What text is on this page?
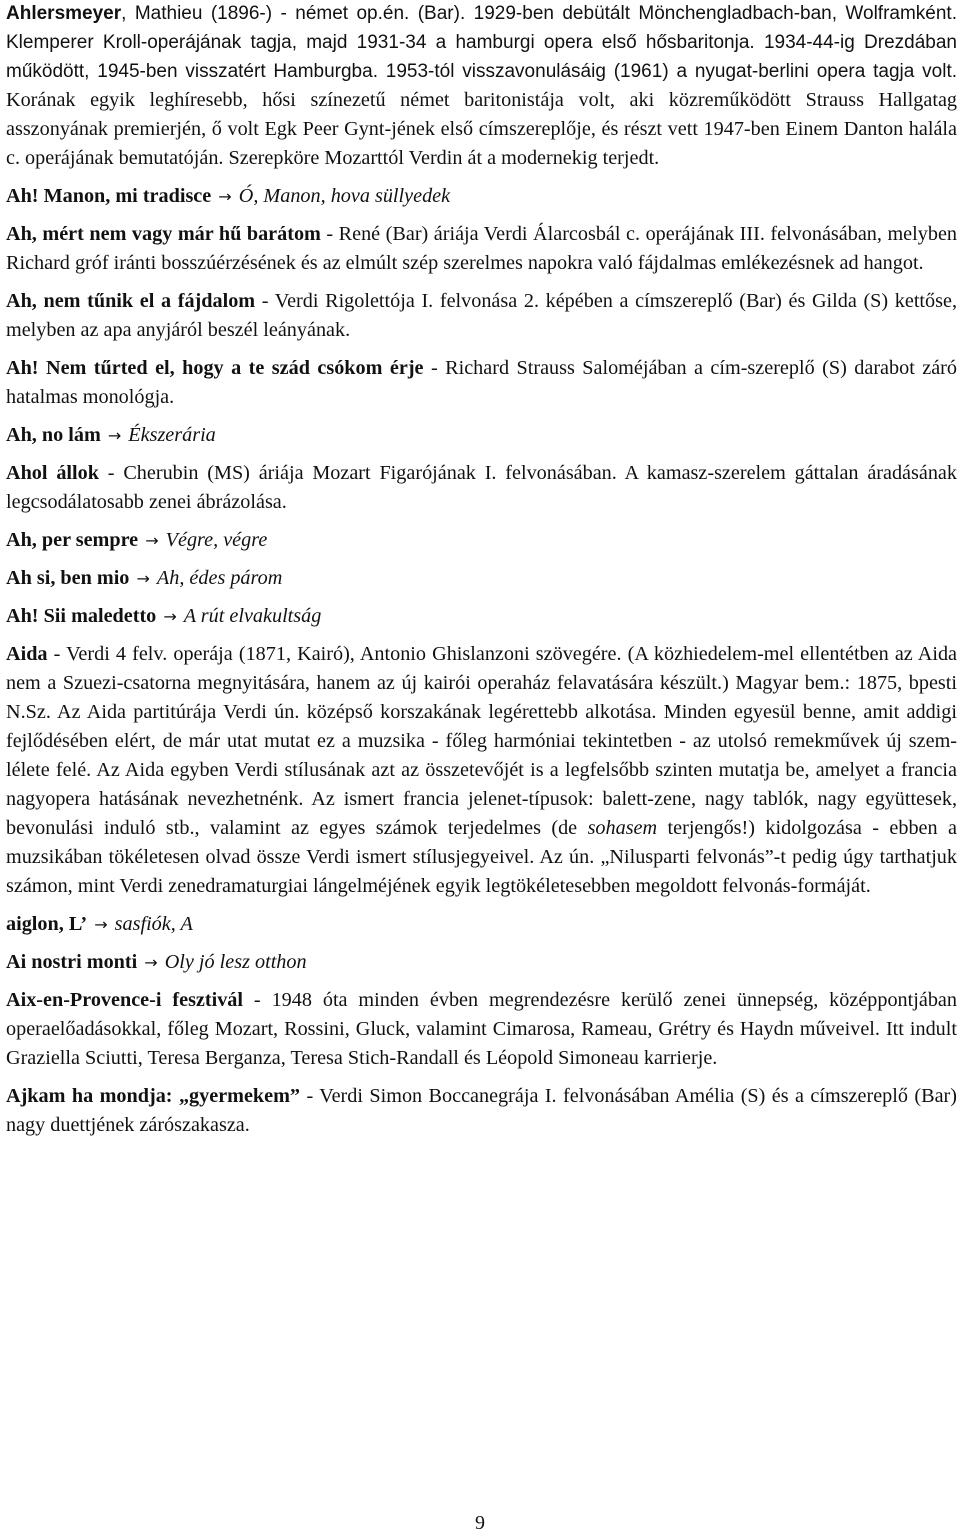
Ahlersmeyer, Mathieu (1896-) - német op.én. (Bar). 1929-ben debütált Mönchengladbach-ban, Wolframként. Klemperer Kroll-operájának tagja, majd 1931-34 a hamburgi opera első hősbaritonja. 1934-44-ig Drezdában működött, 1945-ben visszatért Hamburgba. 1953-tól visszavonulásáig (1961) a nyugat-berlini opera tagja volt. Korának egyik leghíresebb, hősi színezetű német baritonistája volt, aki közreműködött Strauss Hallgatag asszonyának premierjén, ő volt Egk Peer Gynt-jének első címszereplője, és részt vett 1947-ben Einem Danton halála c. operájának bemutatóján. Szerepköre Mozarttól Verdin át a modernekig terjedt.

Ah! Manon, mi tradisce → Ó, Manon, hova süllyedek

Ah, mért nem vagy már hű barátom - René (Bar) áriája Verdi Álarcosbál c. operájának III. felvonásában, melyben Richard gróf iránti bosszúérzésének és az elmúlt szép szerelmes napokra való fájdalmas emlékezésnek ad hangot.

Ah, nem tűnik el a fájdalom - Verdi Rigolettója I. felvonása 2. képében a címszereplő (Bar) és Gilda (S) kettőse, melyben az apa anyjáról beszél leányának.

Ah! Nem tűrted el, hogy a te szád csókom érje - Richard Strauss Saloméjában a cím-szereplő (S) darabot záró hatalmas monológja.

Ah, no lám → Ékszerária

Ahol állok - Cherubin (MS) áriája Mozart Figarójának I. felvonásában. A kamasz-szerelem gáttalan áradásának legcsodálatosabb zenei ábrázolása.

Ah, per sempre → Végre, végre

Ah si, ben mio → Ah, édes párom

Ah! Sii maledetto → A rút elvakultság

Aida - Verdi 4 felv. operája (1871, Kairó), Antonio Ghislanzoni szövegére. (A közhiedelem-mel ellentétben az Aida nem a Szuezi-csatorna megnyitására, hanem az új kairói operaház felavatására készült.) Magyar bem.: 1875, bpesti N.Sz. Az Aida partitúrája Verdi ún. középső korszakának legérettebb alkotása. Minden egyesül benne, amit addigi fejlődésében elért, de már utat mutat ez a muzsika - főleg harmóniai tekintetben - az utolsó remekművek új szem-lélete felé. Az Aida egyben Verdi stílusának azt az összetevőjét is a legfelsőbb szinten mutatja be, amelyet a francia nagyopera hatásának nevezhetnénk. Az ismert francia jelenet-típusok: balett-zene, nagy tablók, nagy együttesek, bevonulási induló stb., valamint az egyes számok terjedelmes (de sohasem terjengős!) kidolgozása - ebben a muzsikában tökéletesen olvad össze Verdi ismert stílusjegyeivel. Az ún. „Nilusparti felvonás”-t pedig úgy tarthatjuk számon, mint Verdi zenedramaturgiai lángelméjének egyik legtökéletesebben megoldott felvonás-formáját.

aiglon, L’ → sasfiók, A

Ai nostri monti → Oly jó lesz otthon

Aix-en-Provence-i fesztivál - 1948 óta minden évben megrendezésre kerülő zenei ünnepség, középpontjában operaelőadásokkal, főleg Mozart, Rossini, Gluck, valamint Cimarosa, Rameau, Grétry és Haydn műveivel. Itt indult Graziella Sciutti, Teresa Berganza, Teresa Stich-Randall és Léopold Simoneau karrierje.

Ajkam ha mondja: „gyermekem” - Verdi Simon Boccanegrája I. felvonásában Amélia (S) és a címszereplő (Bar) nagy duettjének zárószakasza.

9
